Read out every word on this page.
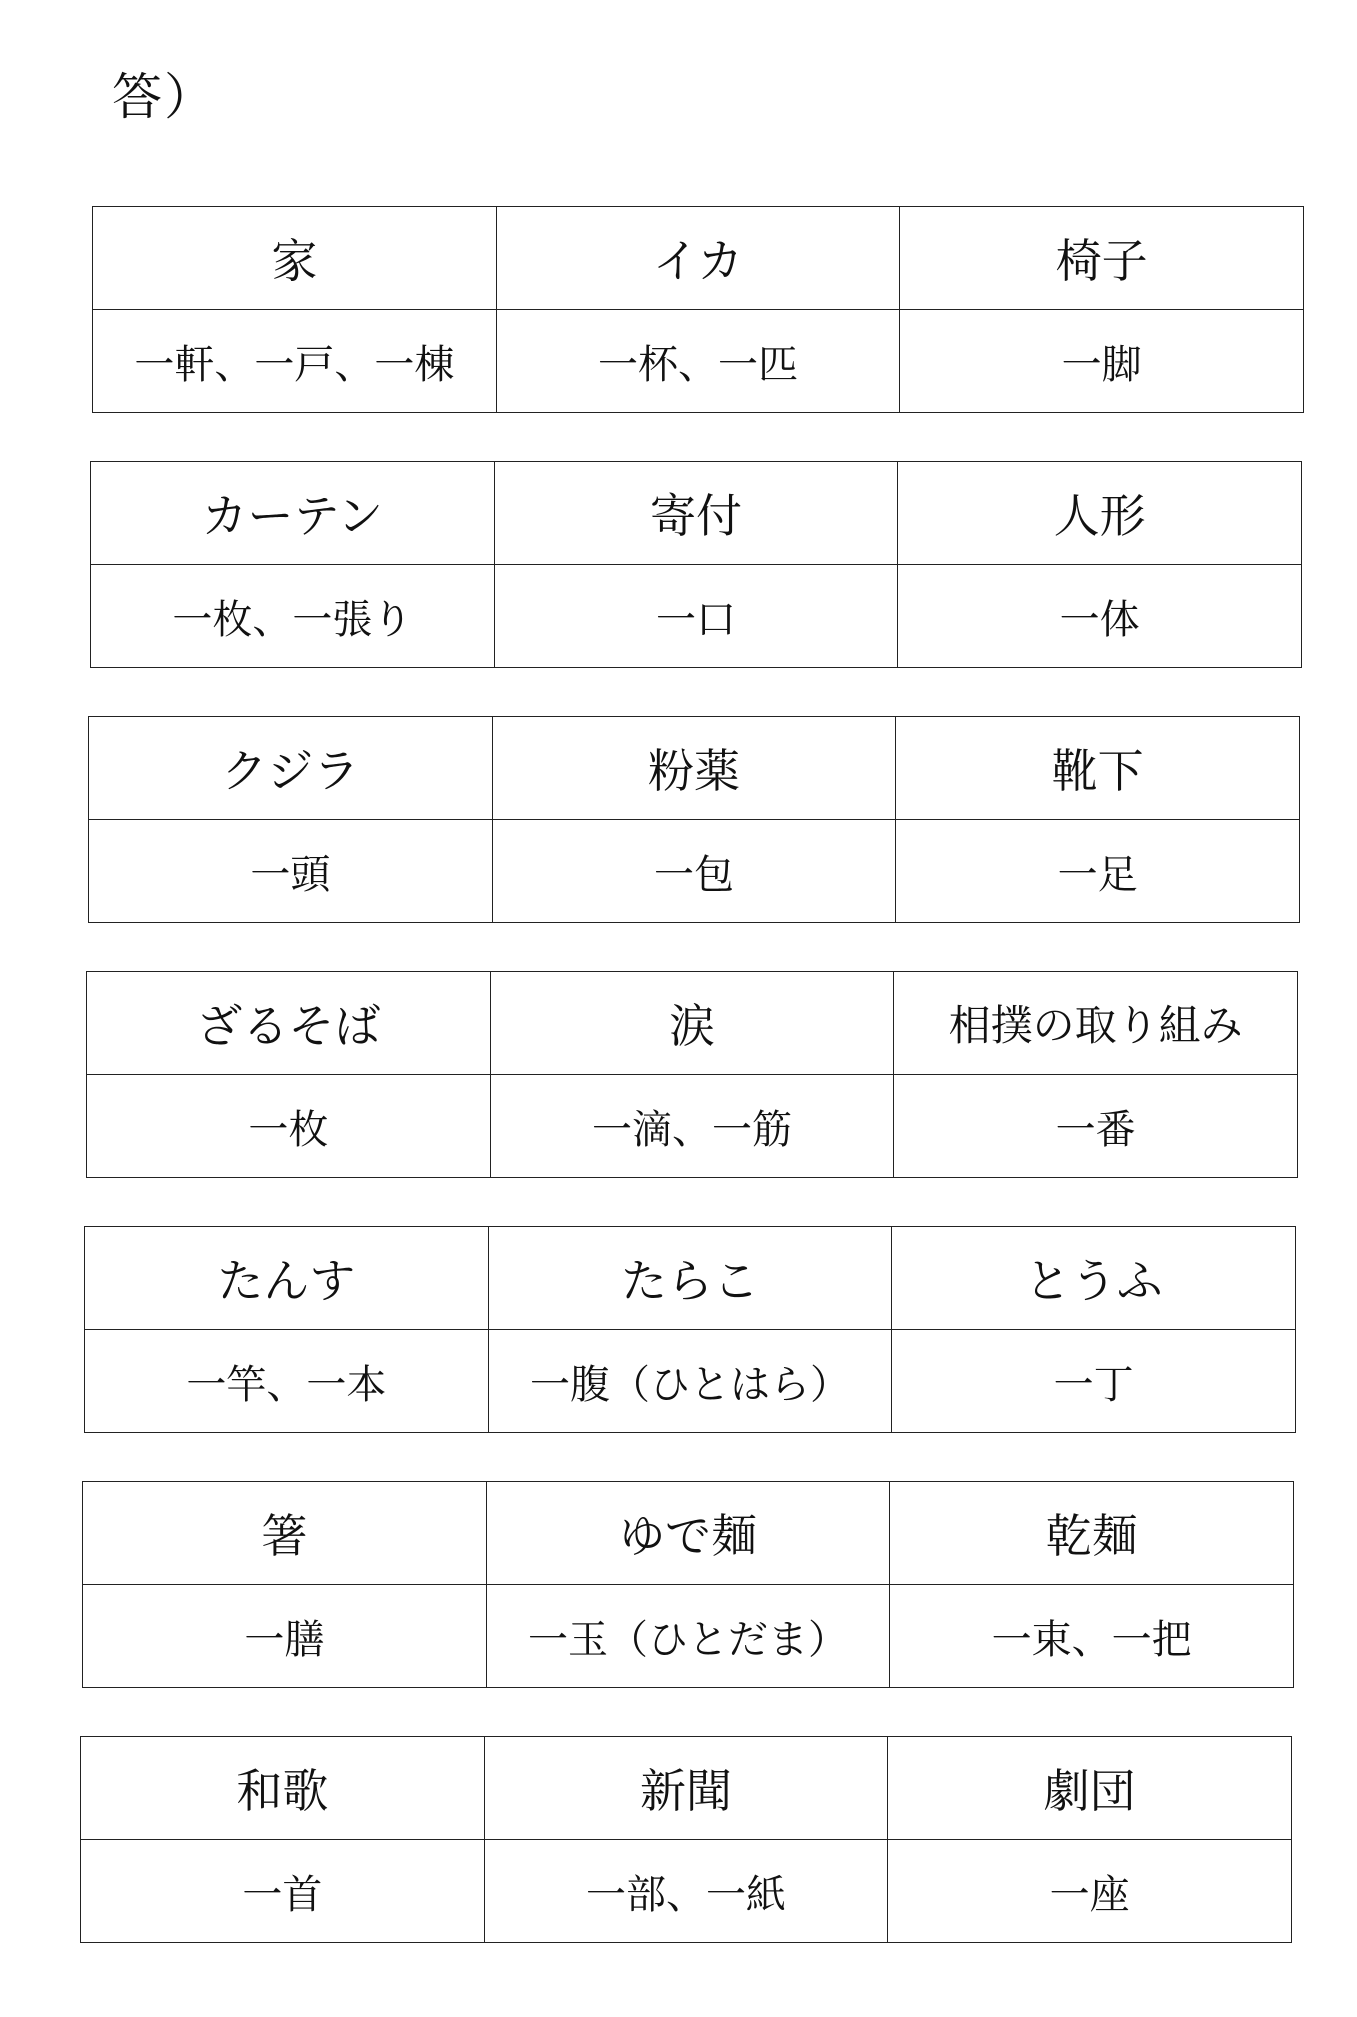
答）
家	イカ	椅子
一軒、一戸、一棟	一杯、一匹	一脚
カーテン	寄付	人形
一枚、一張り	一口	一体
クジラ	粉薬	靴下
一頭	一包	一足
ざるそば	涙	相撲の取り組み
一枚	一滴、一筋	一番
たんす	たらこ	とうふ
一竿、一本	一腹（ひとはら）	一丁
箸	ゆで麺	乾麺
一膳	一玉（ひとだま）	一束、一把
和歌	新聞	劇団
一首	一部、一紙	一座
